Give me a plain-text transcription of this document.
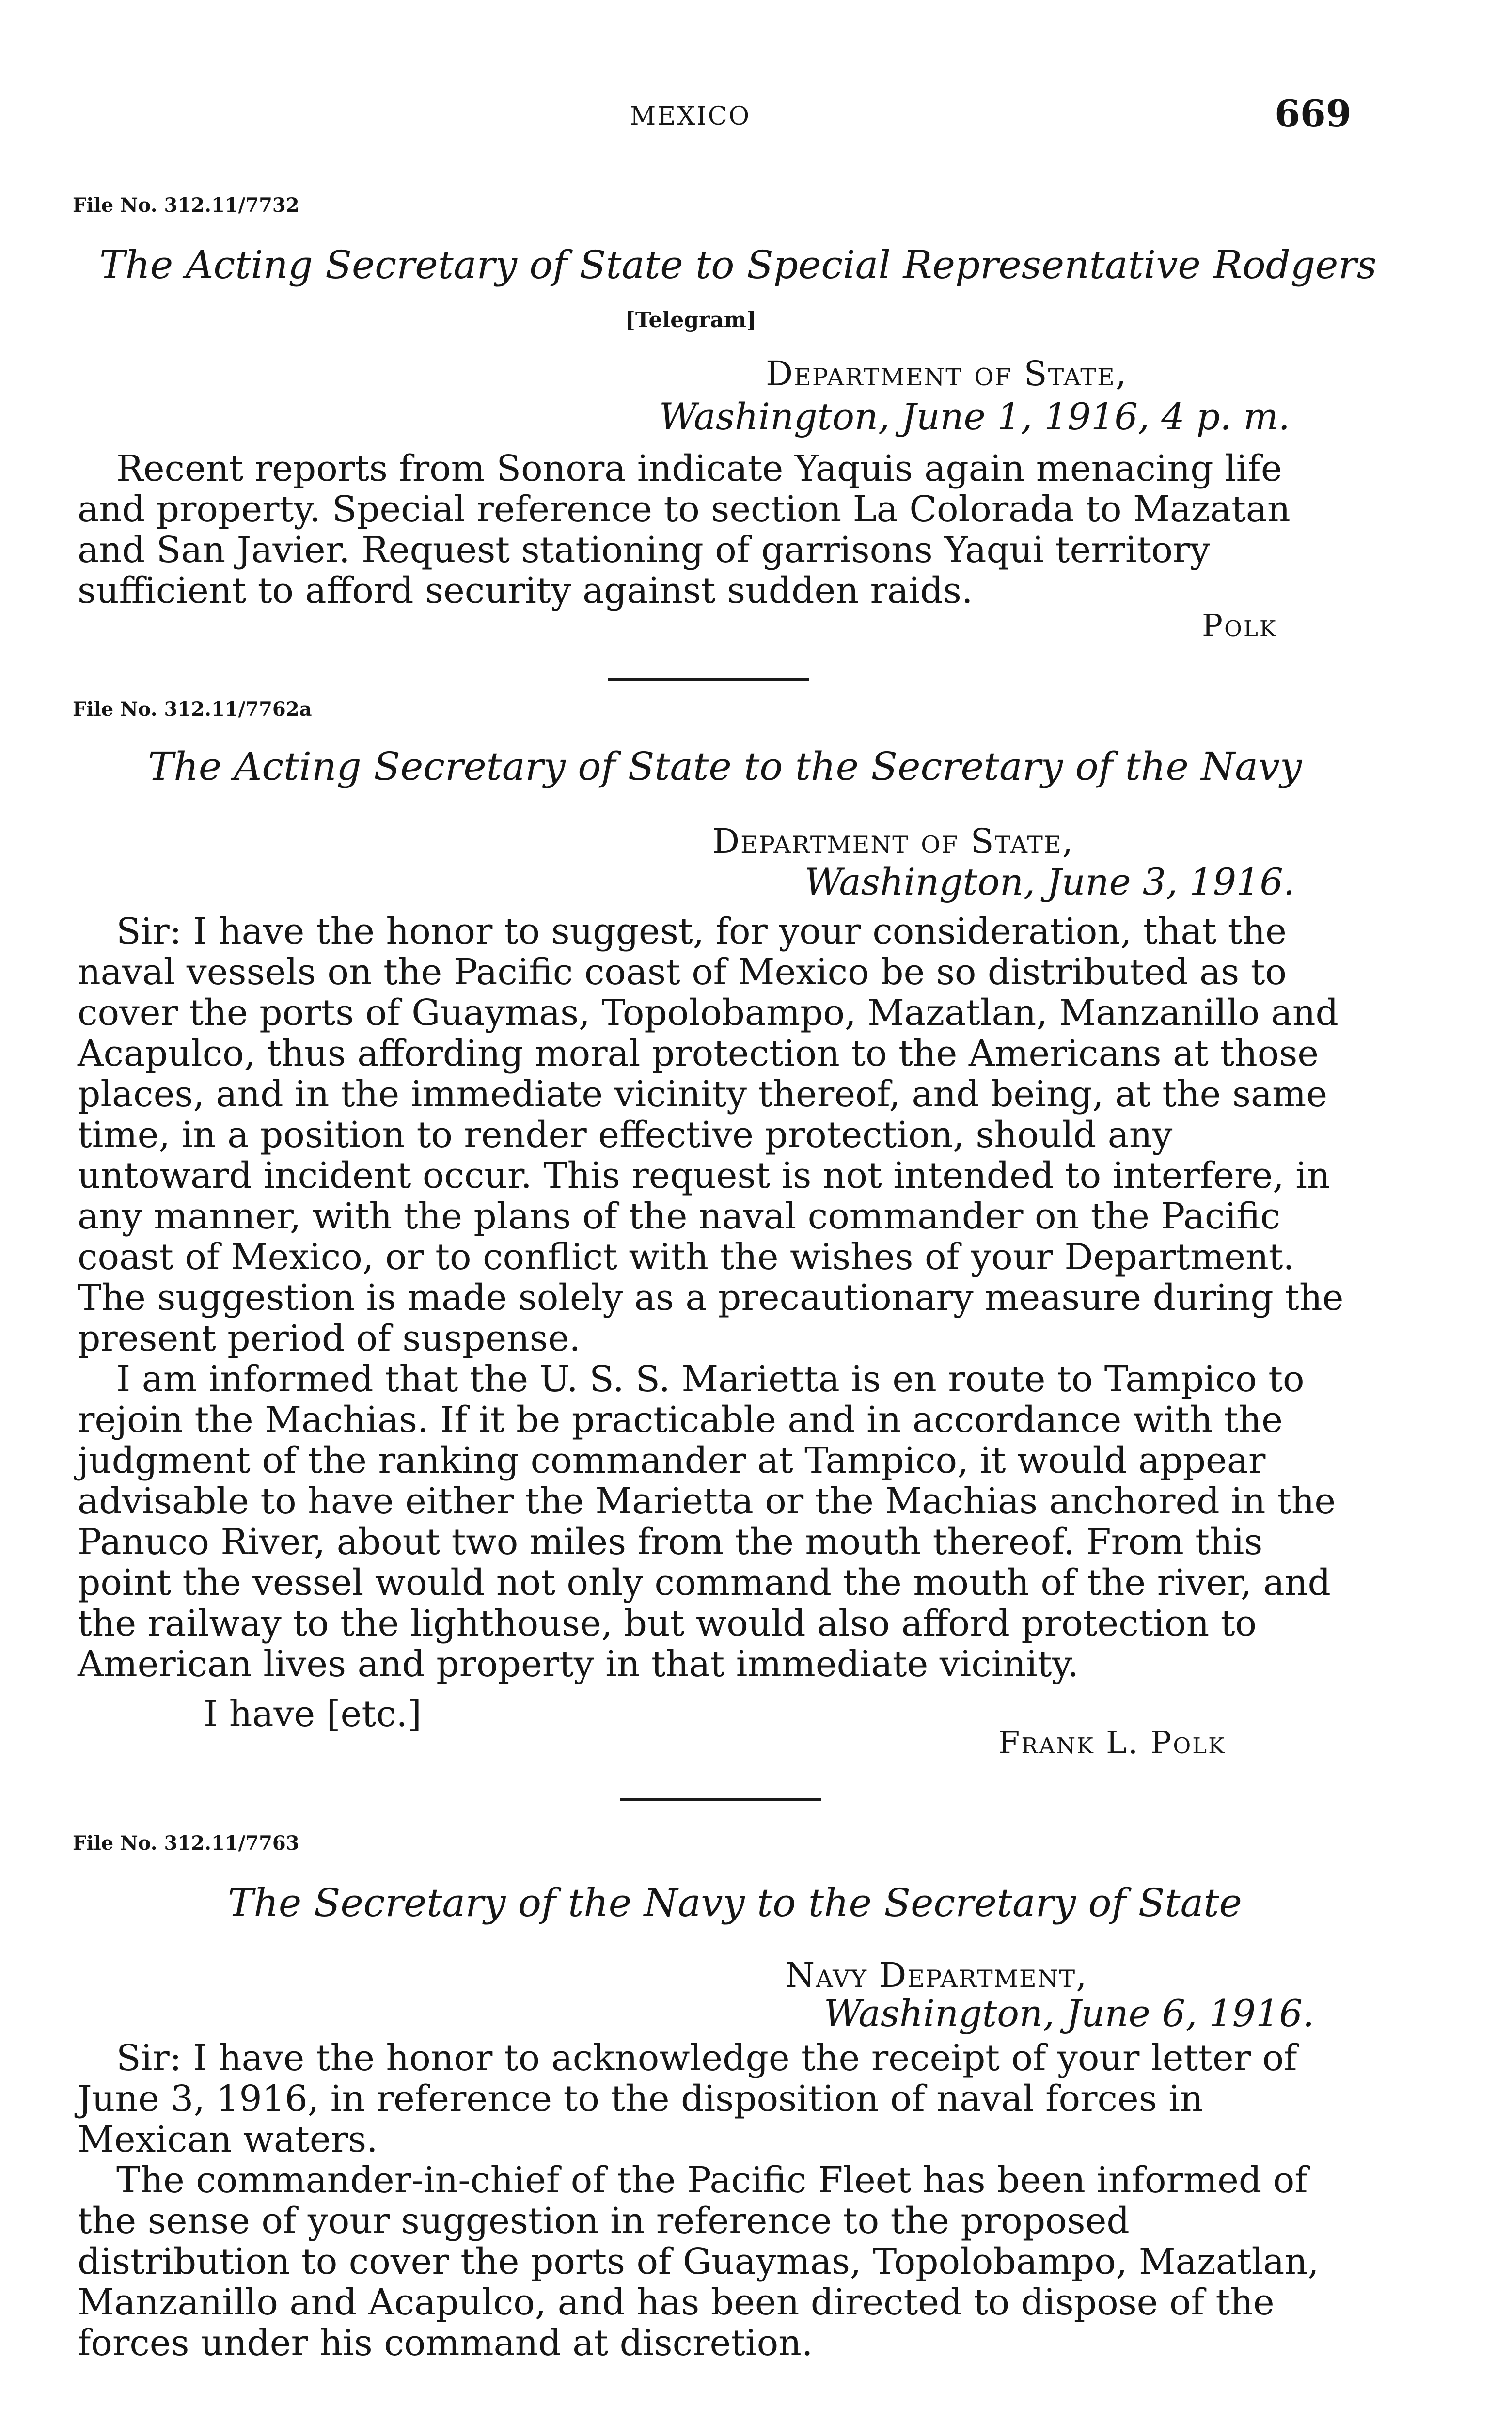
MEXICO	669
File No. 312.11/7732
The Acting Secretary of State to Special Representative Rodgers
[Telegram]
Department of State,
Washington, June 1, 1916, 4 p. m.

Recent reports from Sonora indicate Yaquis again menacing life and property. Special reference to section La Colorada to Mazatan and San Javier. Request stationing of garrisons Yaqui territory sufficient to afford security against sudden raids.

Polk
File No. 312.11/7762a
The Acting Secretary of State to the Secretary of the Navy
Department of State,
Washington, June 3, 1916.

Sir: I have the honor to suggest, for your consideration, that the naval vessels on the Pacific coast of Mexico be so distributed as to cover the ports of Guaymas, Topolobampo, Mazatlan, Manzanillo and Acapulco, thus affording moral protection to the Americans at those places, and in the immediate vicinity thereof, and being, at the same time, in a position to render effective protection, should any untoward incident occur. This request is not intended to interfere, in any manner, with the plans of the naval commander on the Pacific coast of Mexico, or to conflict with the wishes of your Department. The suggestion is made solely as a precautionary measure during the present period of suspense.

I am informed that the U. S. S. Marietta is en route to Tampico to rejoin the Machias. If it be practicable and in accordance with the judgment of the ranking commander at Tampico, it would appear advisable to have either the Marietta or the Machias anchored in the Panuco River, about two miles from the mouth thereof. From this point the vessel would not only command the mouth of the river, and the railway to the lighthouse, but would also afford protection to American lives and property in that immediate vicinity.

I have [etc.]
Frank L. Polk
File No. 312.11/7763
The Secretary of the Navy to the Secretary of State
Navy Department,
Washington, June 6, 1916.

Sir: I have the honor to acknowledge the receipt of your letter of June 3, 1916, in reference to the disposition of naval forces in Mexican waters.

The commander-in-chief of the Pacific Fleet has been informed of the sense of your suggestion in reference to the proposed distribution to cover the ports of Guaymas, Topolobampo, Mazatlan, Manzanillo and Acapulco, and has been directed to dispose of the forces under his command at discretion.
